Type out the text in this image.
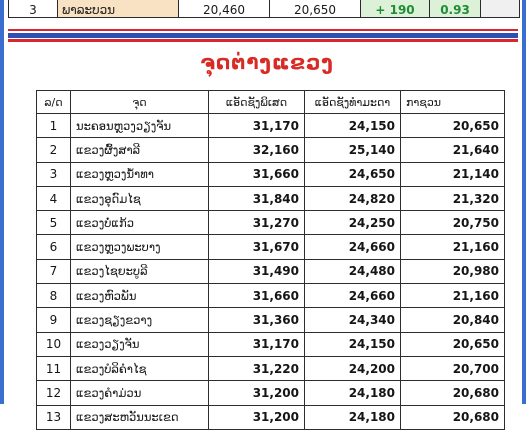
3	ພາລະບວນ	20,460	20,650	+ 190	0.93	
ຈຸດຕ່າງແຂວງ
ລ/ດ	ຈຸດ	ແອັດຊັງພິເສດ	ແອັດຊັງທຳມະດາ	ກາຊວນ
1	ນະຄອນຫຼວງວຽງຈັນ	31,170	24,150	20,650
2	ແຂວງຜົ້ງສາລີ	32,160	25,140	21,640
3	ແຂວງຫຼວງນ້ຳທາ	31,660	24,650	21,140
4	ແຂວງອຸດົມໄຊ	31,840	24,820	21,320
5	ແຂວງບໍ່ແກ້ວ	31,270	24,250	20,750
6	ແຂວງຫຼວງພະບາງ	31,670	24,660	21,160
7	ແຂວງໄຊຍະບູລີ	31,490	24,480	20,980
8	ແຂວງຫົວພັນ	31,660	24,660	21,160
9	ແຂວງຊຽງຂວາງ	31,360	24,340	20,840
10	ແຂວງວຽງຈັນ	31,170	24,150	20,650
11	ແຂວງບໍລິຄຳໄຊ	31,220	24,200	20,700
12	ແຂວງຄຳມ່ວນ	31,200	24,180	20,680
13	ແຂວງສະຫວັນນະເຂດ	31,200	24,180	20,680
